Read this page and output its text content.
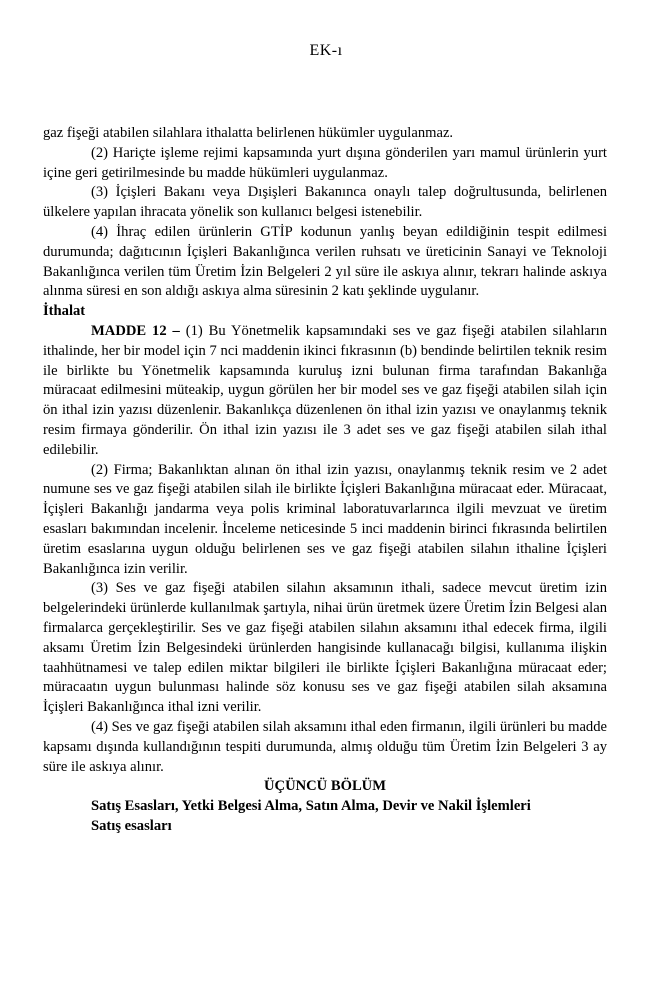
EK-ı

gaz fişeği atabilen silahlara ithalatta belirlenen hükümler uygulanmaz.

(2) Hariçte işleme rejimi kapsamında yurt dışına gönderilen yarı mamul ürünlerin yurt içine geri getirilmesinde bu madde hükümleri uygulanmaz.

(3) İçişleri Bakanı veya Dışişleri Bakanınca onaylı talep doğrultusunda, belirlenen ülkelere yapılan ihracata yönelik son kullanıcı belgesi istenebilir.

(4) İhraç edilen ürünlerin GTİP kodunun yanlış beyan edildiğinin tespit edilmesi durumunda; dağıtıcının İçişleri Bakanlığınca verilen ruhsatı ve üreticinin Sanayi ve Teknoloji Bakanlığınca verilen tüm Üretim İzin Belgeleri 2 yıl süre ile askıya alınır, tekrarı halinde askıya alınma süresi en son aldığı askıya alma süresinin 2 katı şeklinde uygulanır.

İthalat

MADDE 12 – (1) Bu Yönetmelik kapsamındaki ses ve gaz fişeği atabilen silahların ithalinde, her bir model için 7 nci maddenin ikinci fıkrasının (b) bendinde belirtilen teknik resim ile birlikte bu Yönetmelik kapsamında kuruluş izni bulunan firma tarafından Bakanlığa müracaat edilmesini müteakip, uygun görülen her bir model ses ve gaz fişeği atabilen silah için ön ithal izin yazısı düzenlenir. Bakanlıkça düzenlenen ön ithal izin yazısı ve onaylanmış teknik resim firmaya gönderilir. Ön ithal izin yazısı ile 3 adet ses ve gaz fişeği atabilen silah ithal edilebilir.

(2) Firma; Bakanlıktan alınan ön ithal izin yazısı, onaylanmış teknik resim ve 2 adet numune ses ve gaz fişeği atabilen silah ile birlikte İçişleri Bakanlığına müracaat eder. Müracaat, İçişleri Bakanlığı jandarma veya polis kriminal laboratuvarlarınca ilgili mevzuat ve üretim esasları bakımından incelenir. İnceleme neticesinde 5 inci maddenin birinci fıkrasında belirtilen üretim esaslarına uygun olduğu belirlenen ses ve gaz fişeği atabilen silahın ithaline İçişleri Bakanlığınca izin verilir.

(3) Ses ve gaz fişeği atabilen silahın aksamının ithali, sadece mevcut üretim izin belgelerindeki ürünlerde kullanılmak şartıyla, nihai ürün üretmek üzere Üretim İzin Belgesi alan firmalarca gerçekleştirilir. Ses ve gaz fişeği atabilen silahın aksamını ithal edecek firma, ilgili aksamı Üretim İzin Belgesindeki ürünlerden hangisinde kullanacağı bilgisi, kullanıma ilişkin taahhütnamesi ve talep edilen miktar bilgileri ile birlikte İçişleri Bakanlığına müracaat eder; müracaatın uygun bulunması halinde söz konusu ses ve gaz fişeği atabilen silah aksamına İçişleri Bakanlığınca ithal izni verilir.

(4) Ses ve gaz fişeği atabilen silah aksamını ithal eden firmanın, ilgili ürünleri bu madde kapsamı dışında kullandığının tespiti durumunda, almış olduğu tüm Üretim İzin Belgeleri 3 ay süre ile askıya alınır.

ÜÇÜNCÜ BÖLÜM

Satış Esasları, Yetki Belgesi Alma, Satın Alma, Devir ve Nakil İşlemleri

Satış esasları
